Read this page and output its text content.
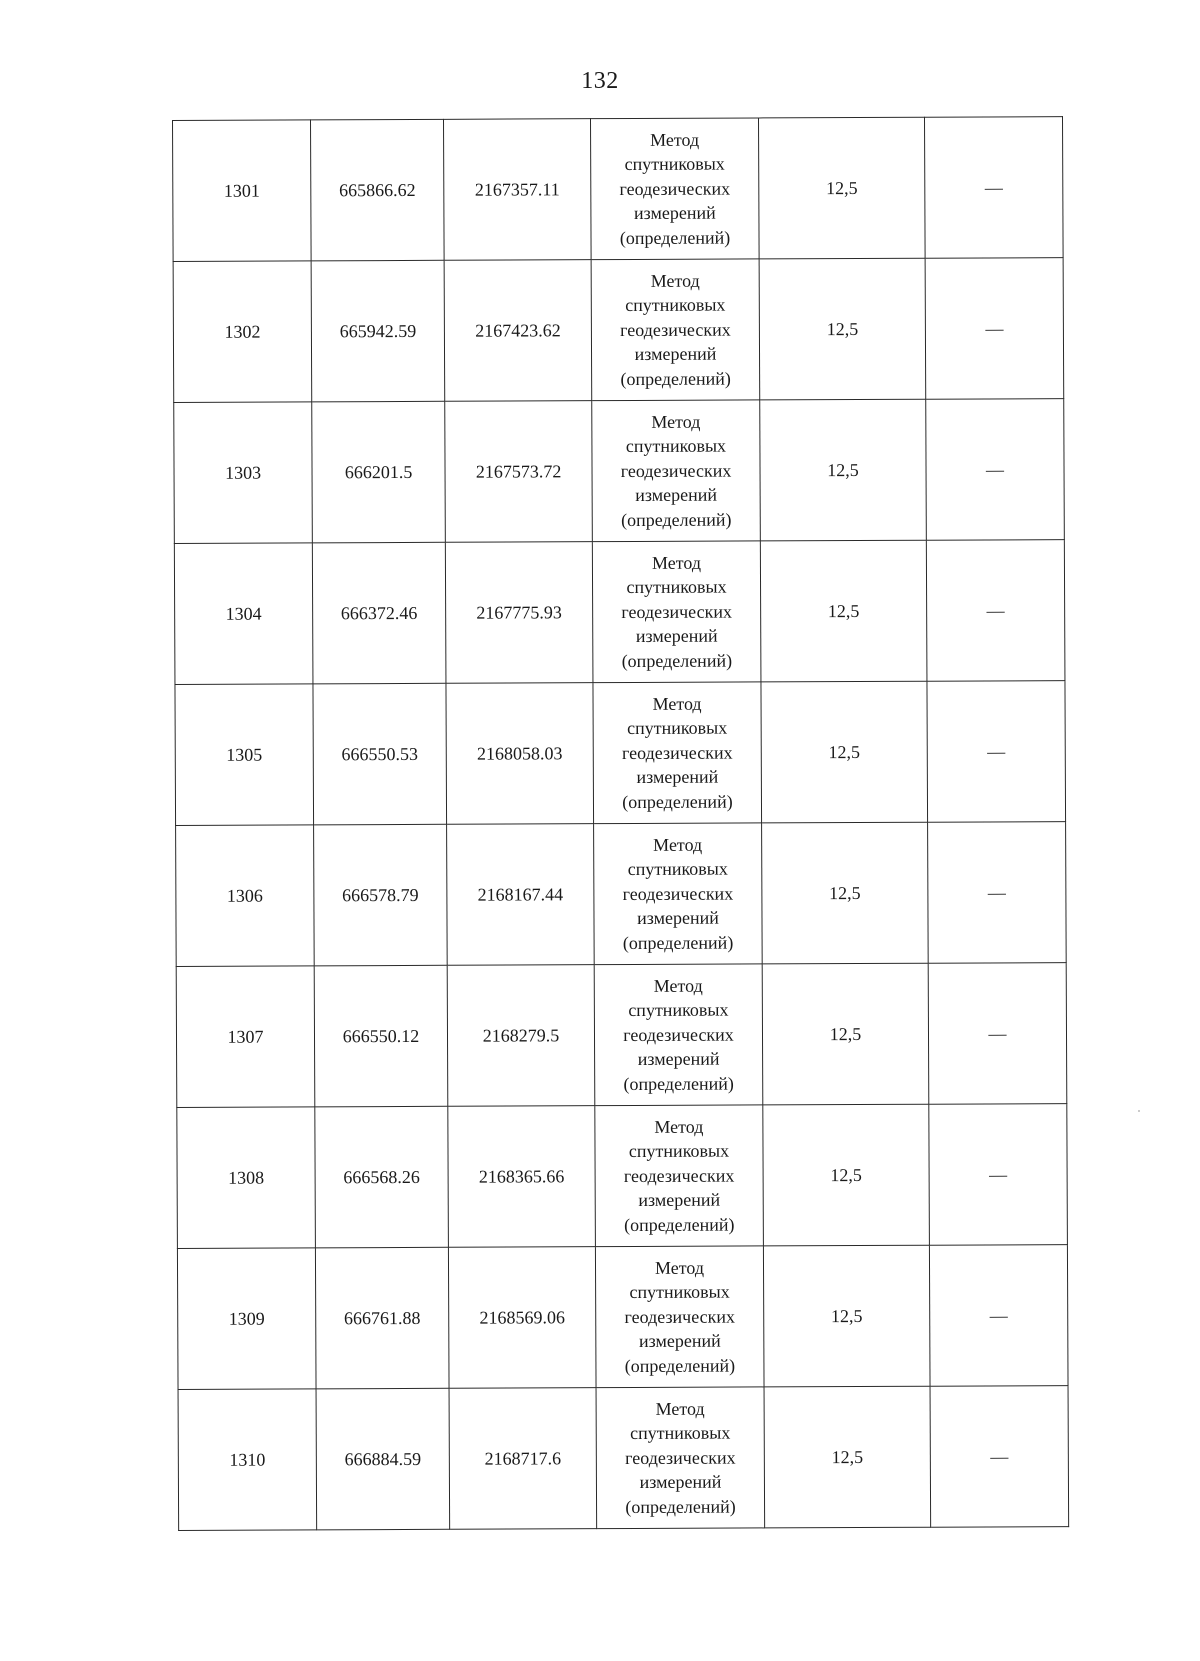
132
1301	665866.62	2167357.11	Метод
спутниковых
геодезических
измерений
(определений)	12,5	—
1302	665942.59	2167423.62	Метод
спутниковых
геодезических
измерений
(определений)	12,5	—
1303	666201.5	2167573.72	Метод
спутниковых
геодезических
измерений
(определений)	12,5	—
1304	666372.46	2167775.93	Метод
спутниковых
геодезических
измерений
(определений)	12,5	—
1305	666550.53	2168058.03	Метод
спутниковых
геодезических
измерений
(определений)	12,5	—
1306	666578.79	2168167.44	Метод
спутниковых
геодезических
измерений
(определений)	12,5	—
1307	666550.12	2168279.5	Метод
спутниковых
геодезических
измерений
(определений)	12,5	—
1308	666568.26	2168365.66	Метод
спутниковых
геодезических
измерений
(определений)	12,5	—
1309	666761.88	2168569.06	Метод
спутниковых
геодезических
измерений
(определений)	12,5	—
1310	666884.59	2168717.6	Метод
спутниковых
геодезических
измерений
(определений)	12,5	—
